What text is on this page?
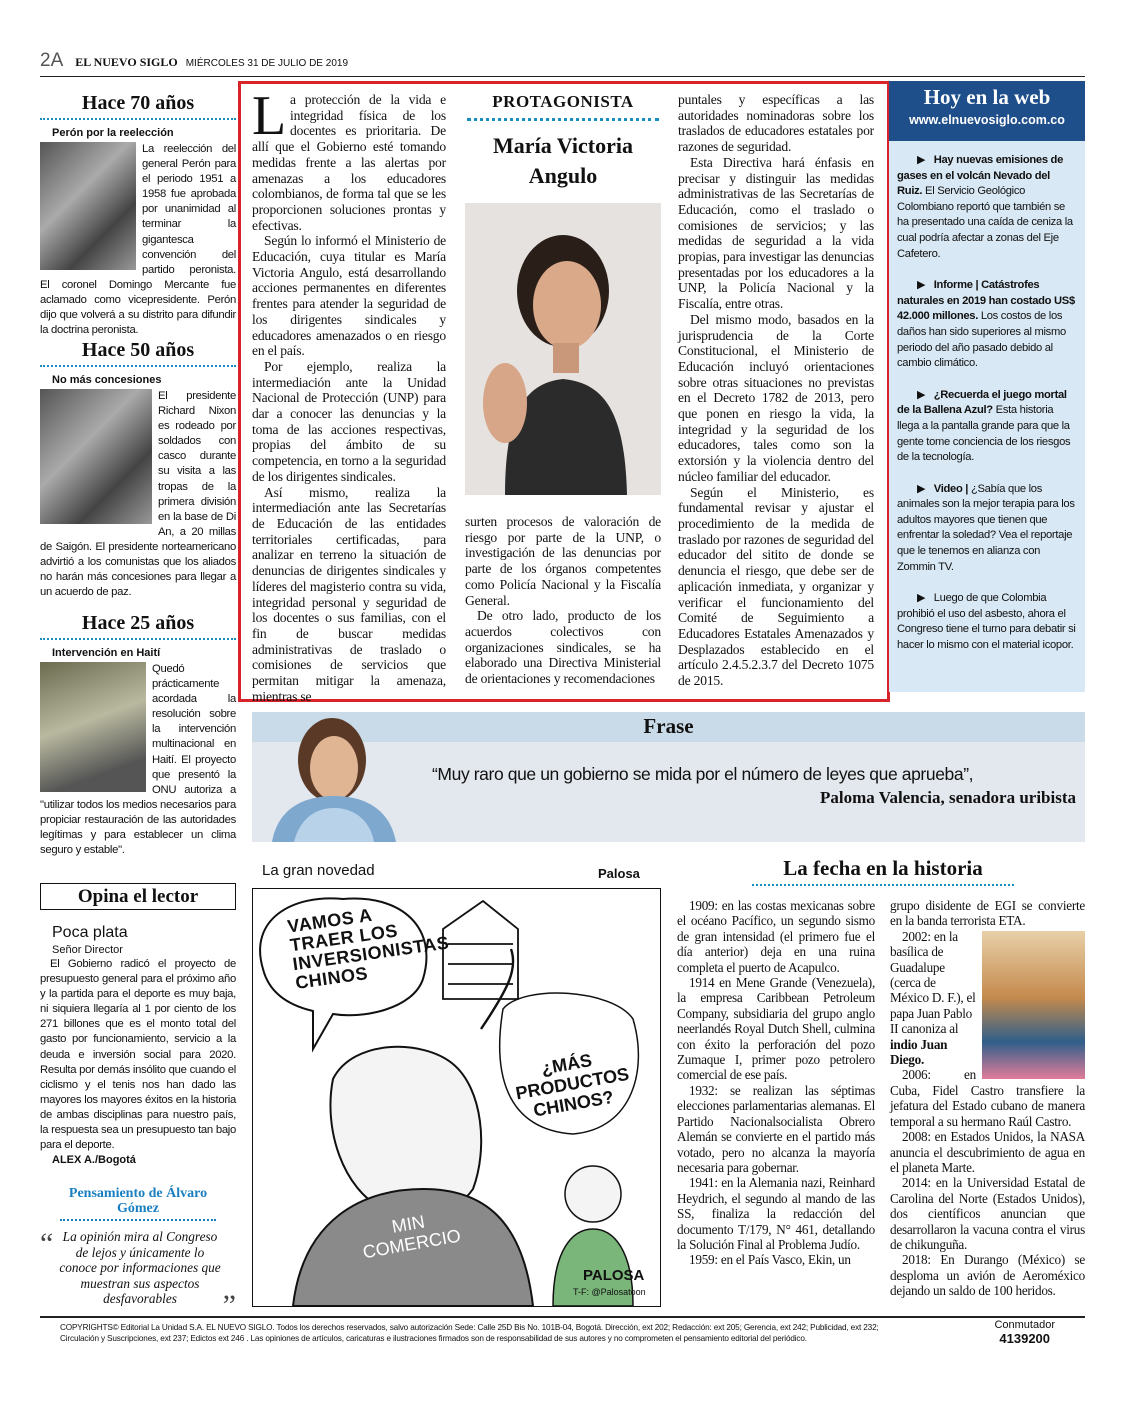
2A EL NUEVO SIGLO MIÉRCOLES 31 DE JULIO DE 2019
Hace 70 años
Perón por la reelección

La reelección del general Perón para el periodo 1951 a 1958 fue aprobada por unanimidad al terminar la gigantesca convención del partido peronista. El coronel Domingo Mercante fue aclamado como vicepresidente. Perón dijo que volverá a su distrito para difundir la doctrina peronista.

Hace 50 años
No más concesiones

El presidente Richard Nixon es rodeado por soldados con casco durante su visita a las tropas de la primera división en la base de Di An, a 20 millas de Saigón. El presidente norteamericano advirtió a los comunistas que los aliados no harán más concesiones para llegar a un acuerdo de paz.

Hace 25 años
Intervención en Haití

Quedó prácticamente acordada la resolución sobre la intervención multinacional en Haití. El proyecto que presentó la ONU autoriza a "utilizar todos los medios necesarios para propiciar restauración de las autoridades legítimas y para establecer un clima seguro y estable".

Opina el lector
Poca plata
Señor Director

El Gobierno radicó el proyecto de presupuesto general para el próximo año y la partida para el deporte es muy baja, ni siquiera llegaría al 1 por ciento de los 271 billones que es el monto total del gasto por funcionamiento, servicio a la deuda e inversión social para 2020. Resulta por demás insólito que cuando el ciclismo y el tenis nos han dado las mayores los mayores éxitos en la historia de ambas disciplinas para nuestro país, la respuesta sea un presupuesto tan bajo para el deporte.

ALEX A./Bogotá
Pensamiento de Álvaro Gómez
“ La opinión mira al Congreso de lejos y únicamente lo conoce por informaciones que muestran sus aspectos desfavorables	”

La protección de la vida e integridad física de los docentes es prioritaria. De allí que el Gobierno esté tomando medidas frente a las alertas por amenazas a los educadores colombianos, de forma tal que se les proporcionen soluciones prontas y efectivas.

Según lo informó el Ministerio de Educación, cuya titular es María Victoria Angulo, está desarrollando acciones permanentes en diferentes frentes para atender la seguridad de los dirigentes sindicales y educadores amenazados o en riesgo en el país.

Por ejemplo, realiza la intermediación ante la Unidad Nacional de Protección (UNP) para dar a conocer las denuncias y la toma de las acciones respectivas, propias del ámbito de su competencia, en torno a la seguridad de los dirigentes sindicales.

Así mismo, realiza la intermediación ante las Secretarías de Educación de las entidades territoriales certificadas, para analizar en terreno la situación de denuncias de dirigentes sindicales y líderes del magisterio contra su vida, integridad personal y seguridad de los docentes o sus familias, con el fin de buscar medidas administrativas de traslado o comisiones de servicios que permitan mitigar la amenaza, mientras se

PROTAGONISTA
María Victoria Angulo

surten procesos de valoración de riesgo por parte de la UNP, o investigación de las denuncias por parte de los órganos competentes como Policía Nacional y la Fiscalía General.

De otro lado, producto de los acuerdos colectivos con organizaciones sindicales, se ha elaborado una Directiva Ministerial de orientaciones y recomendaciones

puntales y específicas a las autoridades nominadoras sobre los traslados de educadores estatales por razones de seguridad.

Esta Directiva hará énfasis en precisar y distinguir las medidas administrativas de las Secretarías de Educación, como el traslado o comisiones de servicios; y las medidas de seguridad a la vida propias, para investigar las denuncias presentadas por los educadores a la UNP, la Policía Nacional y la Fiscalía, entre otras.

Del mismo modo, basados en la jurisprudencia de la Corte Constitucional, el Ministerio de Educación incluyó orientaciones sobre otras situaciones no previstas en el Decreto 1782 de 2013, pero que ponen en riesgo la vida, la integridad y la seguridad de los educadores, tales como son la extorsión y la violencia dentro del núcleo familiar del educador.

Según el Ministerio, es fundamental revisar y ajustar el procedimiento de la medida de traslado por razones de seguridad del educador del sitito de donde se denuncia el riesgo, que debe ser de aplicación inmediata, y organizar y verificar el funcionamiento del Comité de Seguimiento a Educadores Estatales Amenazados y Desplazados establecido en el artículo 2.4.5.2.3.7 del Decreto 1075 de 2015.

Hoy en la web
www.elnuevosiglo.com.co
▶   Hay nuevas emisiones de gases en el volcán Nevado del Ruiz. El Servicio Geológico Colombiano reportó que también se ha presentado una caída de ceniza la cual podría afectar a zonas del Eje Cafetero.
▶   Informe | Catástrofes naturales en 2019 han costado US$ 42.000 millones. Los costos de los daños han sido superiores al mismo periodo del año pasado debido al cambio climático.
▶   ¿Recuerda el juego mortal de la Ballena Azul? Esta historia llega a la pantalla grande para que la gente tome conciencia de los riesgos de la tecnología.
▶   Video | ¿Sabía que los animales son la mejor terapia para los adultos mayores que tienen que enfrentar la soledad? Vea el reportaje que le tenemos en alianza con Zommin TV.
▶   Luego de que Colombia prohibió el uso del asbesto, ahora el Congreso tiene el turno para debatir si hacer lo mismo con el material icopor.
Frase
“Muy raro que un gobierno se mida por el número de leyes que aprueba”,
Paloma Valencia, senadora uribista
La gran novedad	Palosa
VAMOS A TRAER LOS INVERSIONISTAS CHINOS
¿MÁS PRODUCTOS CHINOS?
MIN COMERCIO
PALOSA
T-F: @Palosatoon
La fecha en la historia

1909: en las costas mexicanas sobre el océano Pacífico, un segundo sismo de gran intensidad (el primero fue el día anterior) deja en una ruina completa el puerto de Acapulco.

1914 en Mene Grande (Venezuela), la empresa Caribbean Petroleum Company, subsidiaria del grupo anglo neerlandés Royal Dutch Shell, culmina con éxito la perforación del pozo Zumaque I, primer pozo petrolero comercial de ese país.

1932: se realizan las séptimas elecciones parlamentarias alemanas. El Partido Nacionalsocialista Obrero Alemán se convierte en el partido más votado, pero no alcanza la mayoría necesaria para gobernar.

1941: en la Alemania nazi, Reinhard Heydrich, el segundo al mando de las SS, finaliza la redacción del documento T/179, N° 461, detallando la Solución Final al Problema Judío.

1959: en el País Vasco, Ekin, un

grupo disidente de EGI se convierte en la banda terrorista ETA.

2002: en la basílica de Guadalupe (cerca de México D. F.), el papa Juan Pablo II canoniza al indio Juan Diego.

2006: en Cuba, Fidel Castro transfiere la jefatura del Estado cubano de manera temporal a su hermano Raúl Castro.

2008: en Estados Unidos, la NASA anuncia el descubrimiento de agua en el planeta Marte.

2014: en la Universidad Estatal de Carolina del Norte (Estados Unidos), dos científicos anuncian que desarrollaron la vacuna contra el virus de chikunguña.

2018: En Durango (México) se desploma un avión de Aeroméxico dejando un saldo de 100 heridos.

COPYRIGHTS© Editorial La Unidad S.A. EL NUEVO SIGLO. Todos los derechos reservados, salvo autorización Sede: Calle 25D Bis No. 101B-04, Bogotá. Dirección, ext 202; Redacción: ext 205; Gerencia, ext 242; Publicidad, ext 232;
Circulación y Suscripciones, ext 237; Edictos ext 246 . Las opiniones de artículos, caricaturas e ilustraciones firmados son de responsabilidad de sus autores y no comprometen el pensamiento editorial del periódico.
Conmutador
4139200
